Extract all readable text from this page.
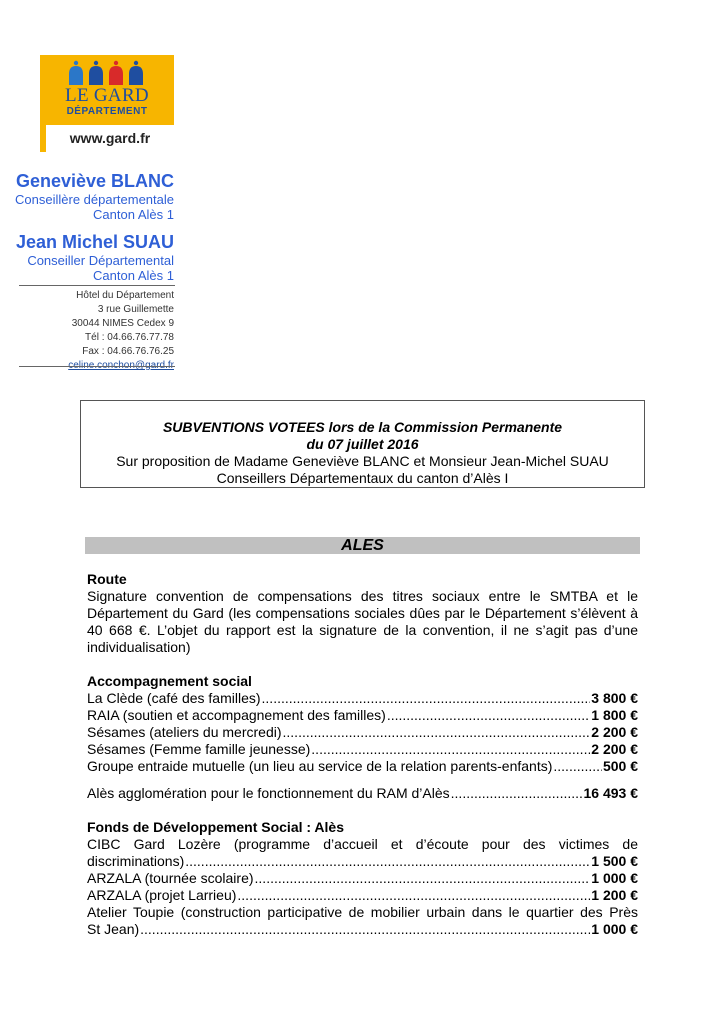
LE GARD
DÉPARTEMENT
www.gard.fr
Geneviève BLANC
Conseillère départementale
Canton Alès 1
Jean Michel SUAU
Conseiller Départemental
Canton Alès 1
Hôtel du Département
3 rue Guillemette
30044 NIMES Cedex 9
Tél : 04.66.76.77.78
Fax : 04.66.76.76.25
SUBVENTIONS VOTEES lors de la Commission Permanente
du 07 juillet 2016
Sur proposition de Madame Geneviève BLANC et Monsieur Jean-Michel SUAU
Conseillers Départementaux du canton d’Alès I
ALES
Route
Signature convention de compensations des titres sociaux entre le SMTBA et le Département du Gard (les compensations sociales dûes par le Département s’élèvent à 40 668 €. L’objet du rapport est la signature de la convention, il ne s’agit pas d’une individualisation)
Accompagnement social
La Clède (café des familles) .....	3 800 €
RAIA (soutien et accompagnement des familles) .....	1 800 €
Sésames (ateliers du mercredi) .....	2 200 €
Sésames (Femme famille jeunesse) .....	2 200 €
Groupe entraide mutuelle (un lieu au service de la relation parents-enfants) .....	500 €
Alès agglomération pour le fonctionnement du RAM d’Alès .....	16 493 €
Fonds de Développement Social : Alès
CIBC Gard Lozère (programme d’accueil et d’écoute pour des victimes de
discriminations) .....	1 500 €
ARZALA (tournée scolaire) .....	1 000 €
ARZALA (projet Larrieu) .....	1 200 €
Atelier Toupie (construction participative de mobilier urbain dans le quartier des Près
St Jean) .....	1 000 €
